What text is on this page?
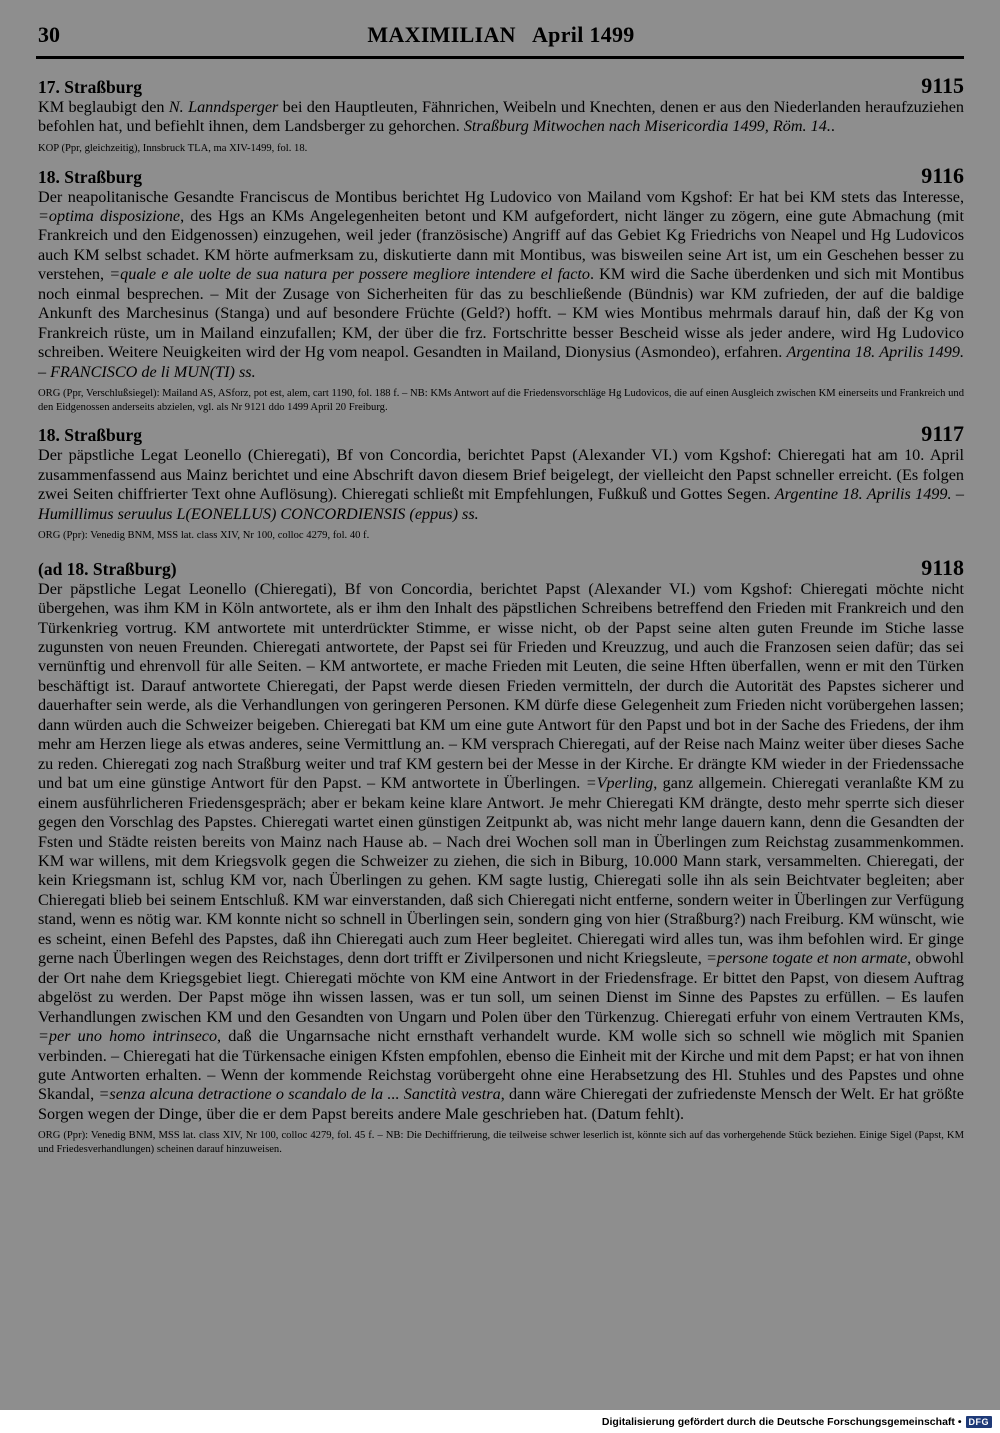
30	MAXIMILIAN   April 1499
17. Straßburg	9115

KM beglaubigt den N. Lanndsperger bei den Hauptleuten, Fähnrichen, Weibeln und Knechten, denen er aus den Niederlanden heraufzuziehen befohlen hat, und befiehlt ihnen, dem Landsberger zu gehorchen. Straßburg Mitwochen nach Misericordia 1499, Röm. 14..

KOP (Ppr, gleichzeitig), Innsbruck TLA, ma XIV-1499, fol. 18.
18. Straßburg	9116

Der neapolitanische Gesandte Franciscus de Montibus berichtet Hg Ludovico von Mailand vom Kgshof: Er hat bei KM stets das Interesse, =optima disposizione, des Hgs an KMs Angelegenheiten betont und KM aufgefordert, nicht länger zu zögern, eine gute Abmachung (mit Frankreich und den Eidgenossen) einzugehen, weil jeder (französische) Angriff auf das Gebiet Kg Friedrichs von Neapel und Hg Ludovicos auch KM selbst schadet. KM hörte aufmerksam zu, diskutierte dann mit Montibus, was bisweilen seine Art ist, um ein Geschehen besser zu verstehen, =quale e ale uolte de sua natura per possere megliore intendere el facto. KM wird die Sache überdenken und sich mit Montibus noch einmal besprechen. – Mit der Zusage von Sicherheiten für das zu beschließende (Bündnis) war KM zufrieden, der auf die baldige Ankunft des Marchesinus (Stanga) und auf besondere Früchte (Geld?) hofft. – KM wies Montibus mehrmals darauf hin, daß der Kg von Frankreich rüste, um in Mailand einzufallen; KM, der über die frz. Fortschritte besser Bescheid wisse als jeder andere, wird Hg Ludovico schreiben. Weitere Neuigkeiten wird der Hg vom neapol. Gesandten in Mailand, Dionysius (Asmondeo), erfahren. Argentina 18. Aprilis 1499. – FRANCISCO de li MUN(TI) ss.

ORG (Ppr, Verschlußsiegel): Mailand AS, ASforz, pot est, alem, cart 1190, fol. 188 f. – NB: KMs Antwort auf die Friedensvorschläge Hg Ludovicos, die auf einen Ausgleich zwischen KM einerseits und Frankreich und den Eidgenossen anderseits abzielen, vgl. als Nr 9121 ddo 1499 April 20 Freiburg.
18. Straßburg	9117

Der päpstliche Legat Leonello (Chieregati), Bf von Concordia, berichtet Papst (Alexander VI.) vom Kgshof: Chieregati hat am 10. April zusammenfassend aus Mainz berichtet und eine Abschrift davon diesem Brief beigelegt, der vielleicht den Papst schneller erreicht. (Es folgen zwei Seiten chiffrierter Text ohne Auflösung). Chieregati schließt mit Empfehlungen, Fußkuß und Gottes Segen. Argentine 18. Aprilis 1499. – Humillimus seruulus L(EONELLUS) CONCORDIENSIS (eppus) ss.

ORG (Ppr): Venedig BNM, MSS lat. class XIV, Nr 100, colloc 4279, fol. 40 f.
(ad 18. Straßburg)	9118

Der päpstliche Legat Leonello (Chieregati), Bf von Concordia, berichtet Papst (Alexander VI.) vom Kgshof: Chieregati möchte nicht übergehen, was ihm KM in Köln antwortete, als er ihm den Inhalt des päpstlichen Schreibens betreffend den Frieden mit Frankreich und den Türkenkrieg vortrug. KM antwortete mit unterdrückter Stimme, er wisse nicht, ob der Papst seine alten guten Freunde im Stiche lasse zugunsten von neuen Freunden. Chieregati antwortete, der Papst sei für Frieden und Kreuzzug, und auch die Franzosen seien dafür; das sei vernünftig und ehrenvoll für alle Seiten. – KM antwortete, er mache Frieden mit Leuten, die seine Hften überfallen, wenn er mit den Türken beschäftigt ist. Darauf antwortete Chieregati, der Papst werde diesen Frieden vermitteln, der durch die Autorität des Papstes sicherer und dauerhafter sein werde, als die Verhandlungen von geringeren Personen. KM dürfe diese Gelegenheit zum Frieden nicht vorübergehen lassen; dann würden auch die Schweizer beigeben. Chieregati bat KM um eine gute Antwort für den Papst und bot in der Sache des Friedens, der ihm mehr am Herzen liege als etwas anderes, seine Vermittlung an. – KM versprach Chieregati, auf der Reise nach Mainz weiter über dieses Sache zu reden. Chieregati zog nach Straßburg weiter und traf KM gestern bei der Messe in der Kirche. Er drängte KM wieder in der Friedenssache und bat um eine günstige Antwort für den Papst. – KM antwortete in Überlingen. =Vperling, ganz allgemein. Chieregati veranlaßte KM zu einem ausführlicheren Friedensgespräch; aber er bekam keine klare Antwort. Je mehr Chieregati KM drängte, desto mehr sperrte sich dieser gegen den Vorschlag des Papstes. Chieregati wartet einen günstigen Zeitpunkt ab, was nicht mehr lange dauern kann, denn die Gesandten der Fsten und Städte reisten bereits von Mainz nach Hause ab. – Nach drei Wochen soll man in Überlingen zum Reichstag zusammenkommen. KM war willens, mit dem Kriegsvolk gegen die Schweizer zu ziehen, die sich in Biburg, 10.000 Mann stark, versammelten. Chieregati, der kein Kriegsmann ist, schlug KM vor, nach Überlingen zu gehen. KM sagte lustig, Chieregati solle ihn als sein Beichtvater begleiten; aber Chieregati blieb bei seinem Entschluß. KM war einverstanden, daß sich Chieregati nicht entferne, sondern weiter in Überlingen zur Verfügung stand, wenn es nötig war. KM konnte nicht so schnell in Überlingen sein, sondern ging von hier (Straßburg?) nach Freiburg. KM wünscht, wie es scheint, einen Befehl des Papstes, daß ihn Chieregati auch zum Heer begleitet. Chieregati wird alles tun, was ihm befohlen wird. Er ginge gerne nach Überlingen wegen des Reichstages, denn dort trifft er Zivilpersonen und nicht Kriegsleute, =persone togate et non armate, obwohl der Ort nahe dem Kriegsgebiet liegt. Chieregati möchte von KM eine Antwort in der Friedensfrage. Er bittet den Papst, von diesem Auftrag abgelöst zu werden. Der Papst möge ihn wissen lassen, was er tun soll, um seinen Dienst im Sinne des Papstes zu erfüllen. – Es laufen Verhandlungen zwischen KM und den Gesandten von Ungarn und Polen über den Türkenzug. Chieregati erfuhr von einem Vertrauten KMs, =per uno homo intrinseco, daß die Ungarnsache nicht ernsthaft verhandelt wurde. KM wolle sich so schnell wie möglich mit Spanien verbinden. – Chieregati hat die Türkensache einigen Kfsten empfohlen, ebenso die Einheit mit der Kirche und mit dem Papst; er hat von ihnen gute Antworten erhalten. – Wenn der kommende Reichstag vorübergeht ohne eine Herabsetzung des Hl. Stuhles und des Papstes und ohne Skandal, =senza alcuna detractione o scandalo de la ... Sanctità vestra, dann wäre Chieregati der zufriedenste Mensch der Welt. Er hat größte Sorgen wegen der Dinge, über die er dem Papst bereits andere Male geschrieben hat. (Datum fehlt).

ORG (Ppr): Venedig BNM, MSS lat. class XIV, Nr 100, colloc 4279, fol. 45 f. – NB: Die Dechiffrierung, die teilweise schwer leserlich ist, könnte sich auf das vorhergehende Stück beziehen. Einige Sigel (Papst, KM und Friedesverhandlungen) scheinen darauf hinzuweisen.
Digitalisierung gefördert durch die Deutsche Forschungsgemeinschaft • DFG
